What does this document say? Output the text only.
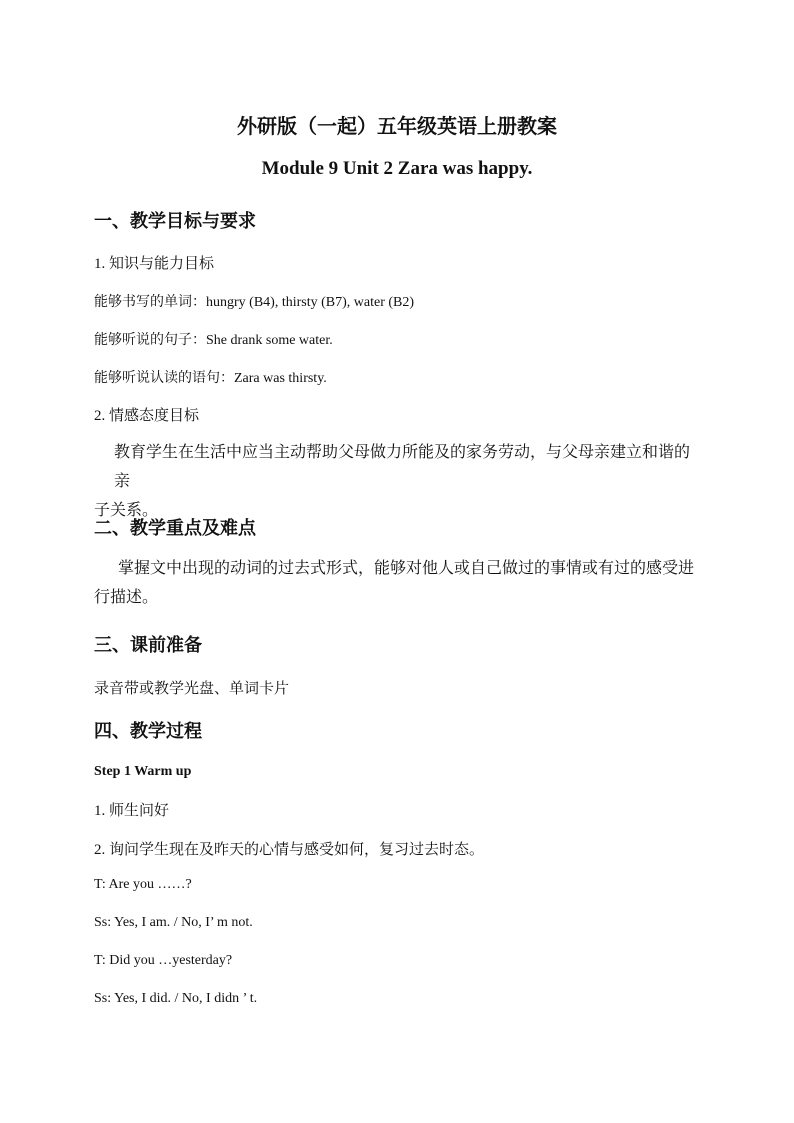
外研版（一起）五年级英语上册教案
Module 9 Unit 2 Zara was happy.
一、教学目标与要求
1. 知识与能力目标
能够书写的单词：hungry (B4), thirsty (B7), water (B2)
能够听说的句子：She drank some water.
能够听说认读的语句：Zara was thirsty.
2. 情感态度目标
教育学生在生活中应当主动帮助父母做力所能及的家务劳动，与父母亲建立和谐的亲
子关系。
二、教学重点及难点
掌握文中出现的动词的过去式形式，能够对他人或自己做过的事情或有过的感受进
行描述。
三、课前准备
录音带或教学光盘、单词卡片
四、教学过程
Step 1 Warm up
1. 师生问好
2. 询问学生现在及昨天的心情与感受如何，复习过去时态。
T: Are you ……?
Ss: Yes, I am. / No, I’ m not.
T: Did you …yesterday?
Ss: Yes, I did. / No, I didn ’ t.
